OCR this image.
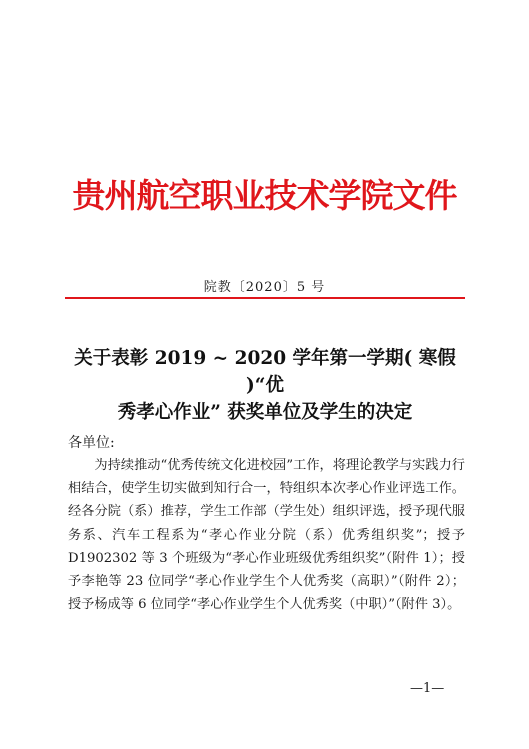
贵州航空职业技术学院文件
院教〔2020〕5 号
关于表彰 2019 ~ 2020 学年第一学期( 寒假 )“优
秀孝心作业” 获奖单位及学生的决定
各单位:
为持续推动“优秀传统文化进校园”工作，将理论教学与实践力行相结合，使学生切实做到知行合一，特组织本次孝心作业评选工作。经各分院（系）推荐，学生工作部（学生处）组织评选，授予现代服务系、汽车工程系为“孝心作业分院（系）优秀组织奖”；授予 D1902302 等 3 个班级为“孝心作业班级优秀组织奖”（附件 1）；授予李艳等 23 位同学“孝心作业学生个人优秀奖（高职）”（附件 2）；授予杨成等 6 位同学“孝心作业学生个人优秀奖（中职）”（附件 3）。
—1—
